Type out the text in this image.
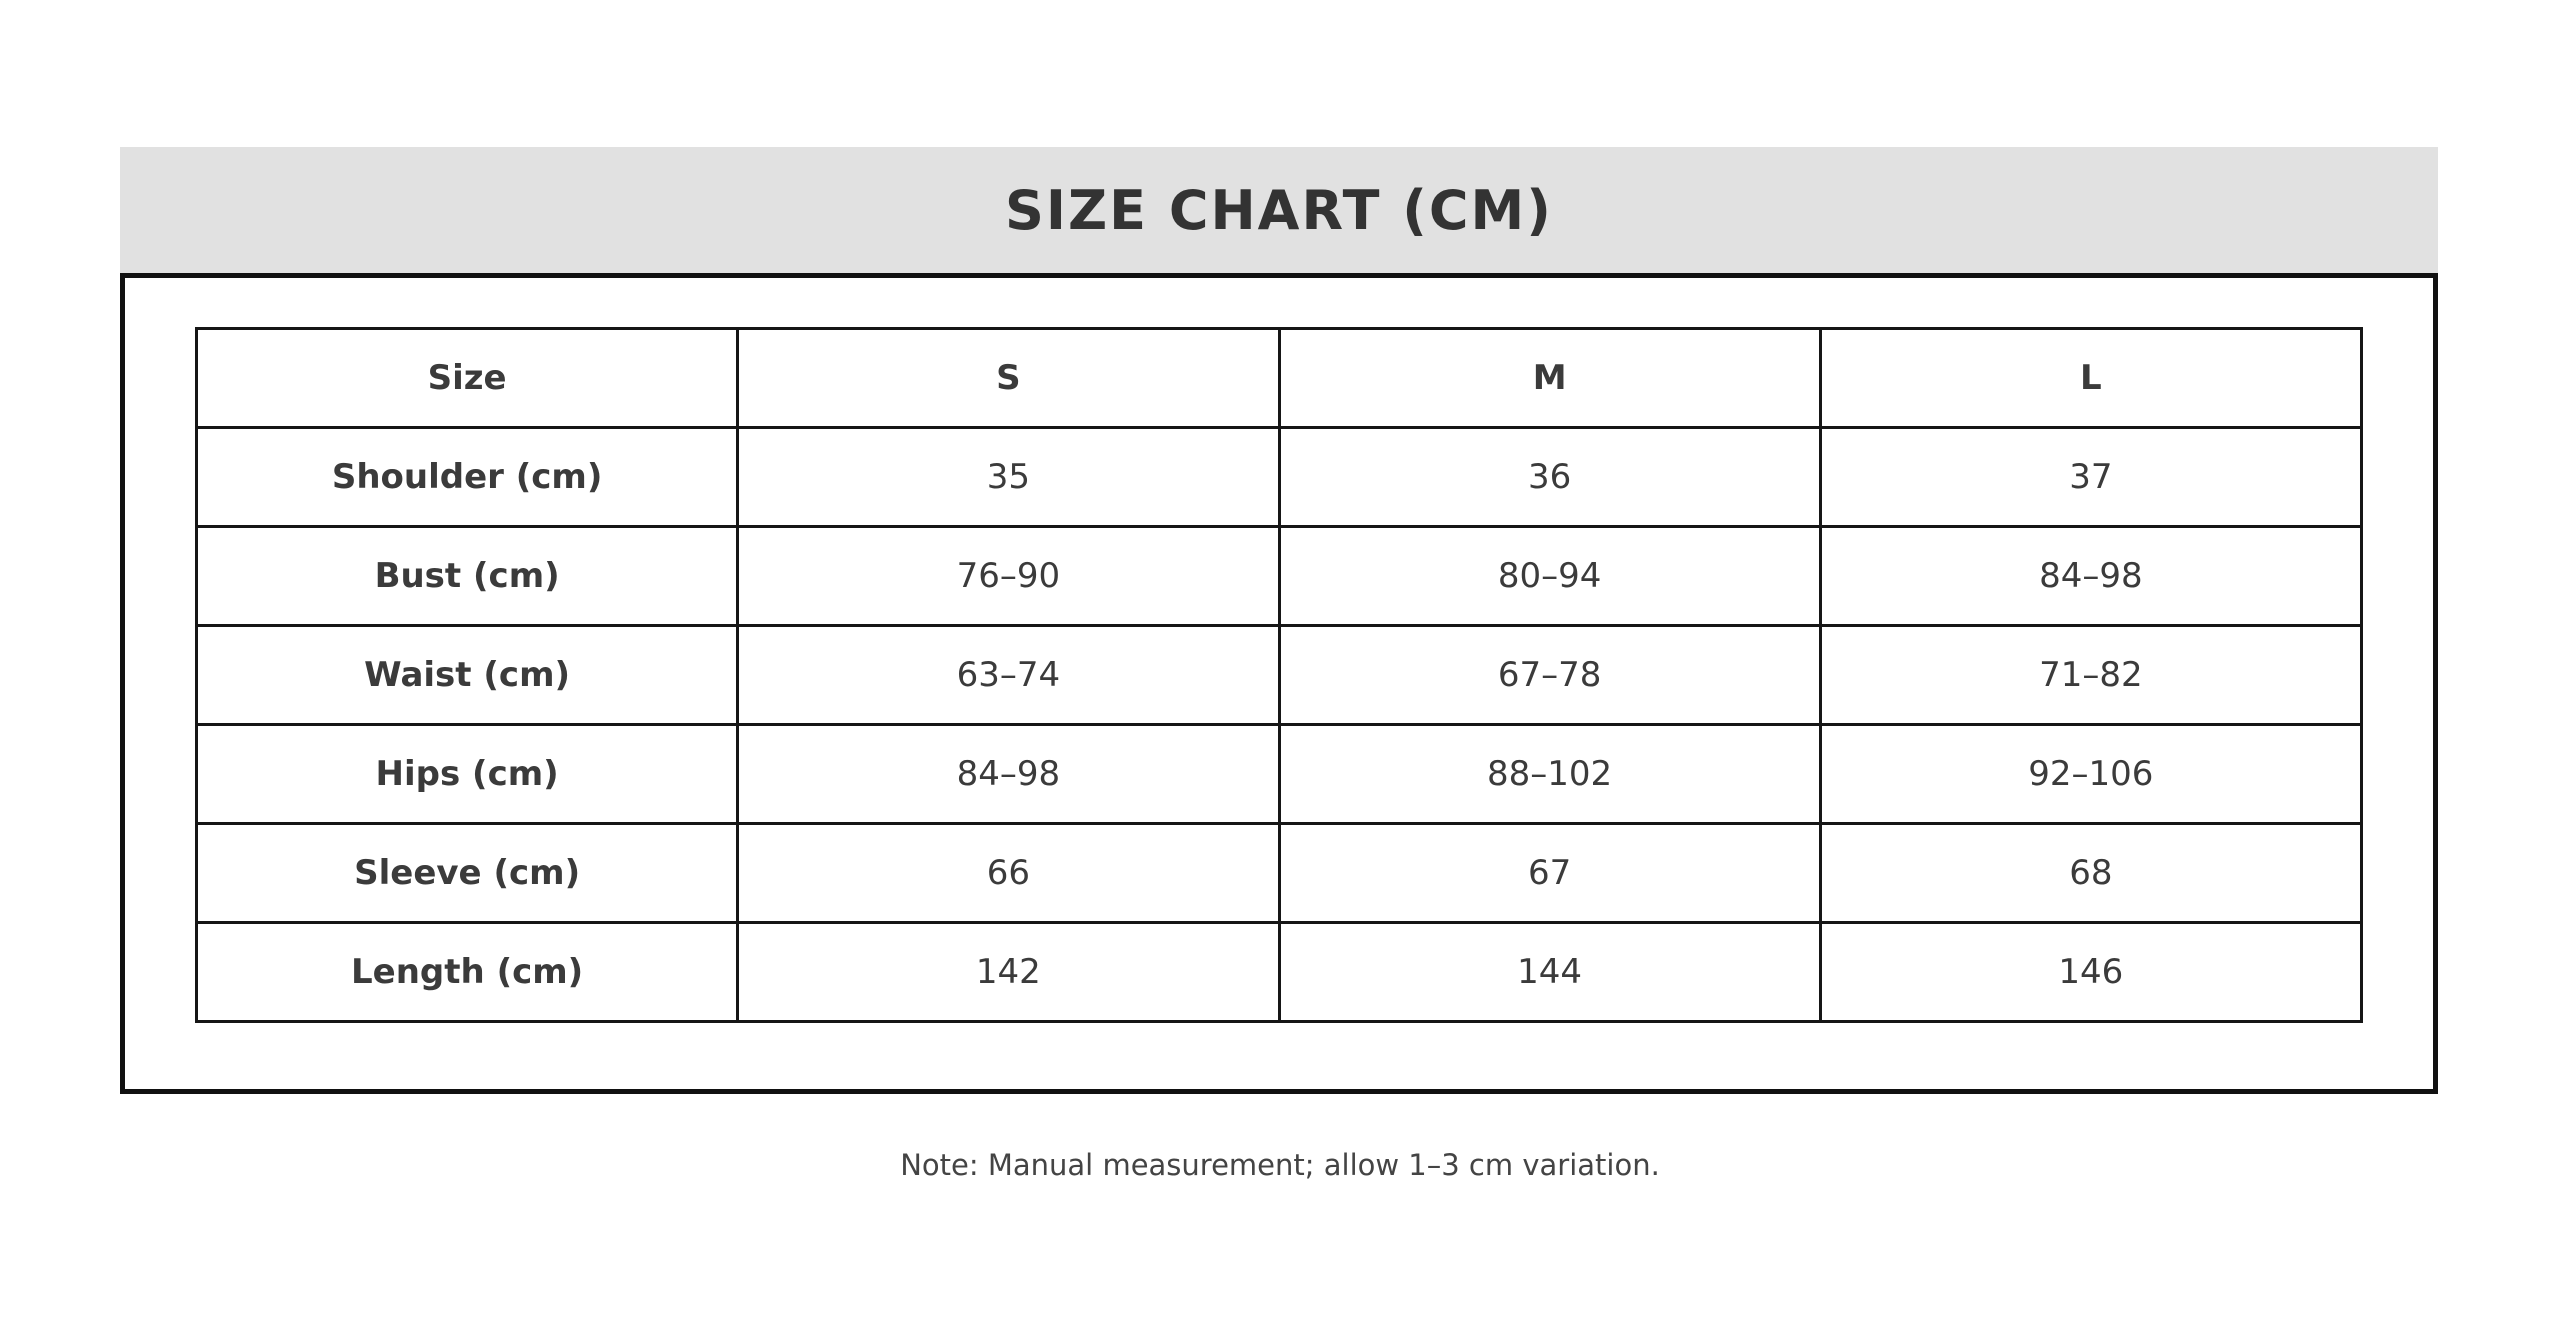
SIZE CHART (CM)
Size	S	M	L
Shoulder (cm)	35	36	37
Bust (cm)	76–90	80–94	84–98
Waist (cm)	63–74	67–78	71–82
Hips (cm)	84–98	88–102	92–106
Sleeve (cm)	66	67	68
Length (cm)	142	144	146
Note: Manual measurement; allow 1–3 cm variation.
